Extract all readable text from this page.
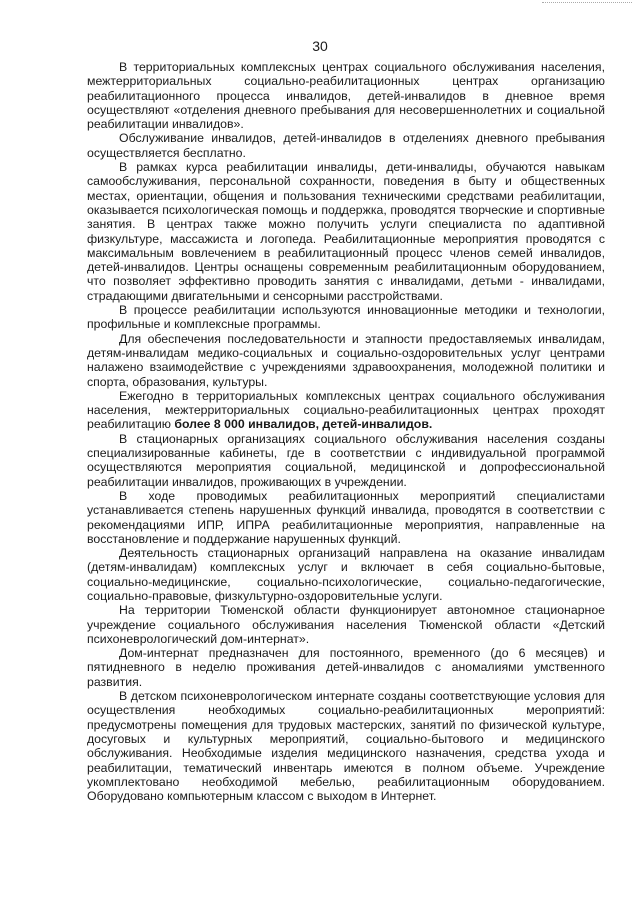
30

В территориальных комплексных центрах социального обслуживания населения, межтерриториальных социально-реабилитационных центрах организацию реабилитационного процесса инвалидов, детей-инвалидов в дневное время осуществляют «отделения дневного пребывания для несовершеннолетних и социальной реабилитации инвалидов».

Обслуживание инвалидов, детей-инвалидов в отделениях дневного пребывания осуществляется бесплатно.

В рамках курса реабилитации инвалиды, дети-инвалиды, обучаются навыкам самообслуживания, персональной сохранности, поведения в быту и общественных местах, ориентации, общения и пользования техническими средствами реабилитации, оказывается психологическая помощь и поддержка, проводятся творческие и спортивные занятия. В центрах также можно получить услуги специалиста по адаптивной физкультуре, массажиста и логопеда. Реабилитационные мероприятия проводятся с максимальным вовлечением в реабилитационный процесс членов семей инвалидов, детей-инвалидов. Центры оснащены современным реабилитационным оборудованием, что позволяет эффективно проводить занятия с инвалидами, детьми - инвалидами, страдающими двигательными и сенсорными расстройствами.

В процессе реабилитации используются инновационные методики и технологии, профильные и комплексные программы.

Для обеспечения последовательности и этапности предоставляемых инвалидам, детям-инвалидам медико-социальных и социально-оздоровительных услуг центрами налажено взаимодействие с учреждениями здравоохранения, молодежной политики и спорта, образования, культуры.

Ежегодно в территориальных комплексных центрах социального обслуживания населения, межтерриториальных социально-реабилитационных центрах проходят реабилитацию более 8 000 инвалидов, детей-инвалидов.

В стационарных организациях социального обслуживания населения созданы специализированные кабинеты, где в соответствии с индивидуальной программой осуществляются мероприятия социальной, медицинской и допрофессиональной реабилитации инвалидов, проживающих в учреждении.

В ходе проводимых реабилитационных мероприятий специалистами устанавливается степень нарушенных функций инвалида, проводятся в соответствии с рекомендациями ИПР, ИПРА реабилитационные мероприятия, направленные на восстановление и поддержание нарушенных функций.

Деятельность стационарных организаций направлена на оказание инвалидам (детям-инвалидам) комплексных услуг и включает в себя социально-бытовые, социально-медицинские, социально-психологические, социально-педагогические, социально-правовые, физкультурно-оздоровительные услуги.

На территории Тюменской области функционирует автономное стационарное учреждение социального обслуживания населения Тюменской области «Детский психоневрологический дом-интернат».

Дом-интернат предназначен для постоянного, временного (до 6 месяцев) и пятидневного в неделю проживания детей-инвалидов с аномалиями умственного развития.

В детском психоневрологическом интернате созданы соответствующие условия для осуществления необходимых социально-реабилитационных мероприятий: предусмотрены помещения для трудовых мастерских, занятий по физической культуре, досуговых и культурных мероприятий, социально-бытового и медицинского обслуживания. Необходимые изделия медицинского назначения, средства ухода и реабилитации, тематический инвентарь имеются в полном объеме. Учреждение укомплектовано необходимой мебелью, реабилитационным оборудованием. Оборудовано компьютерным классом с выходом в Интернет.
